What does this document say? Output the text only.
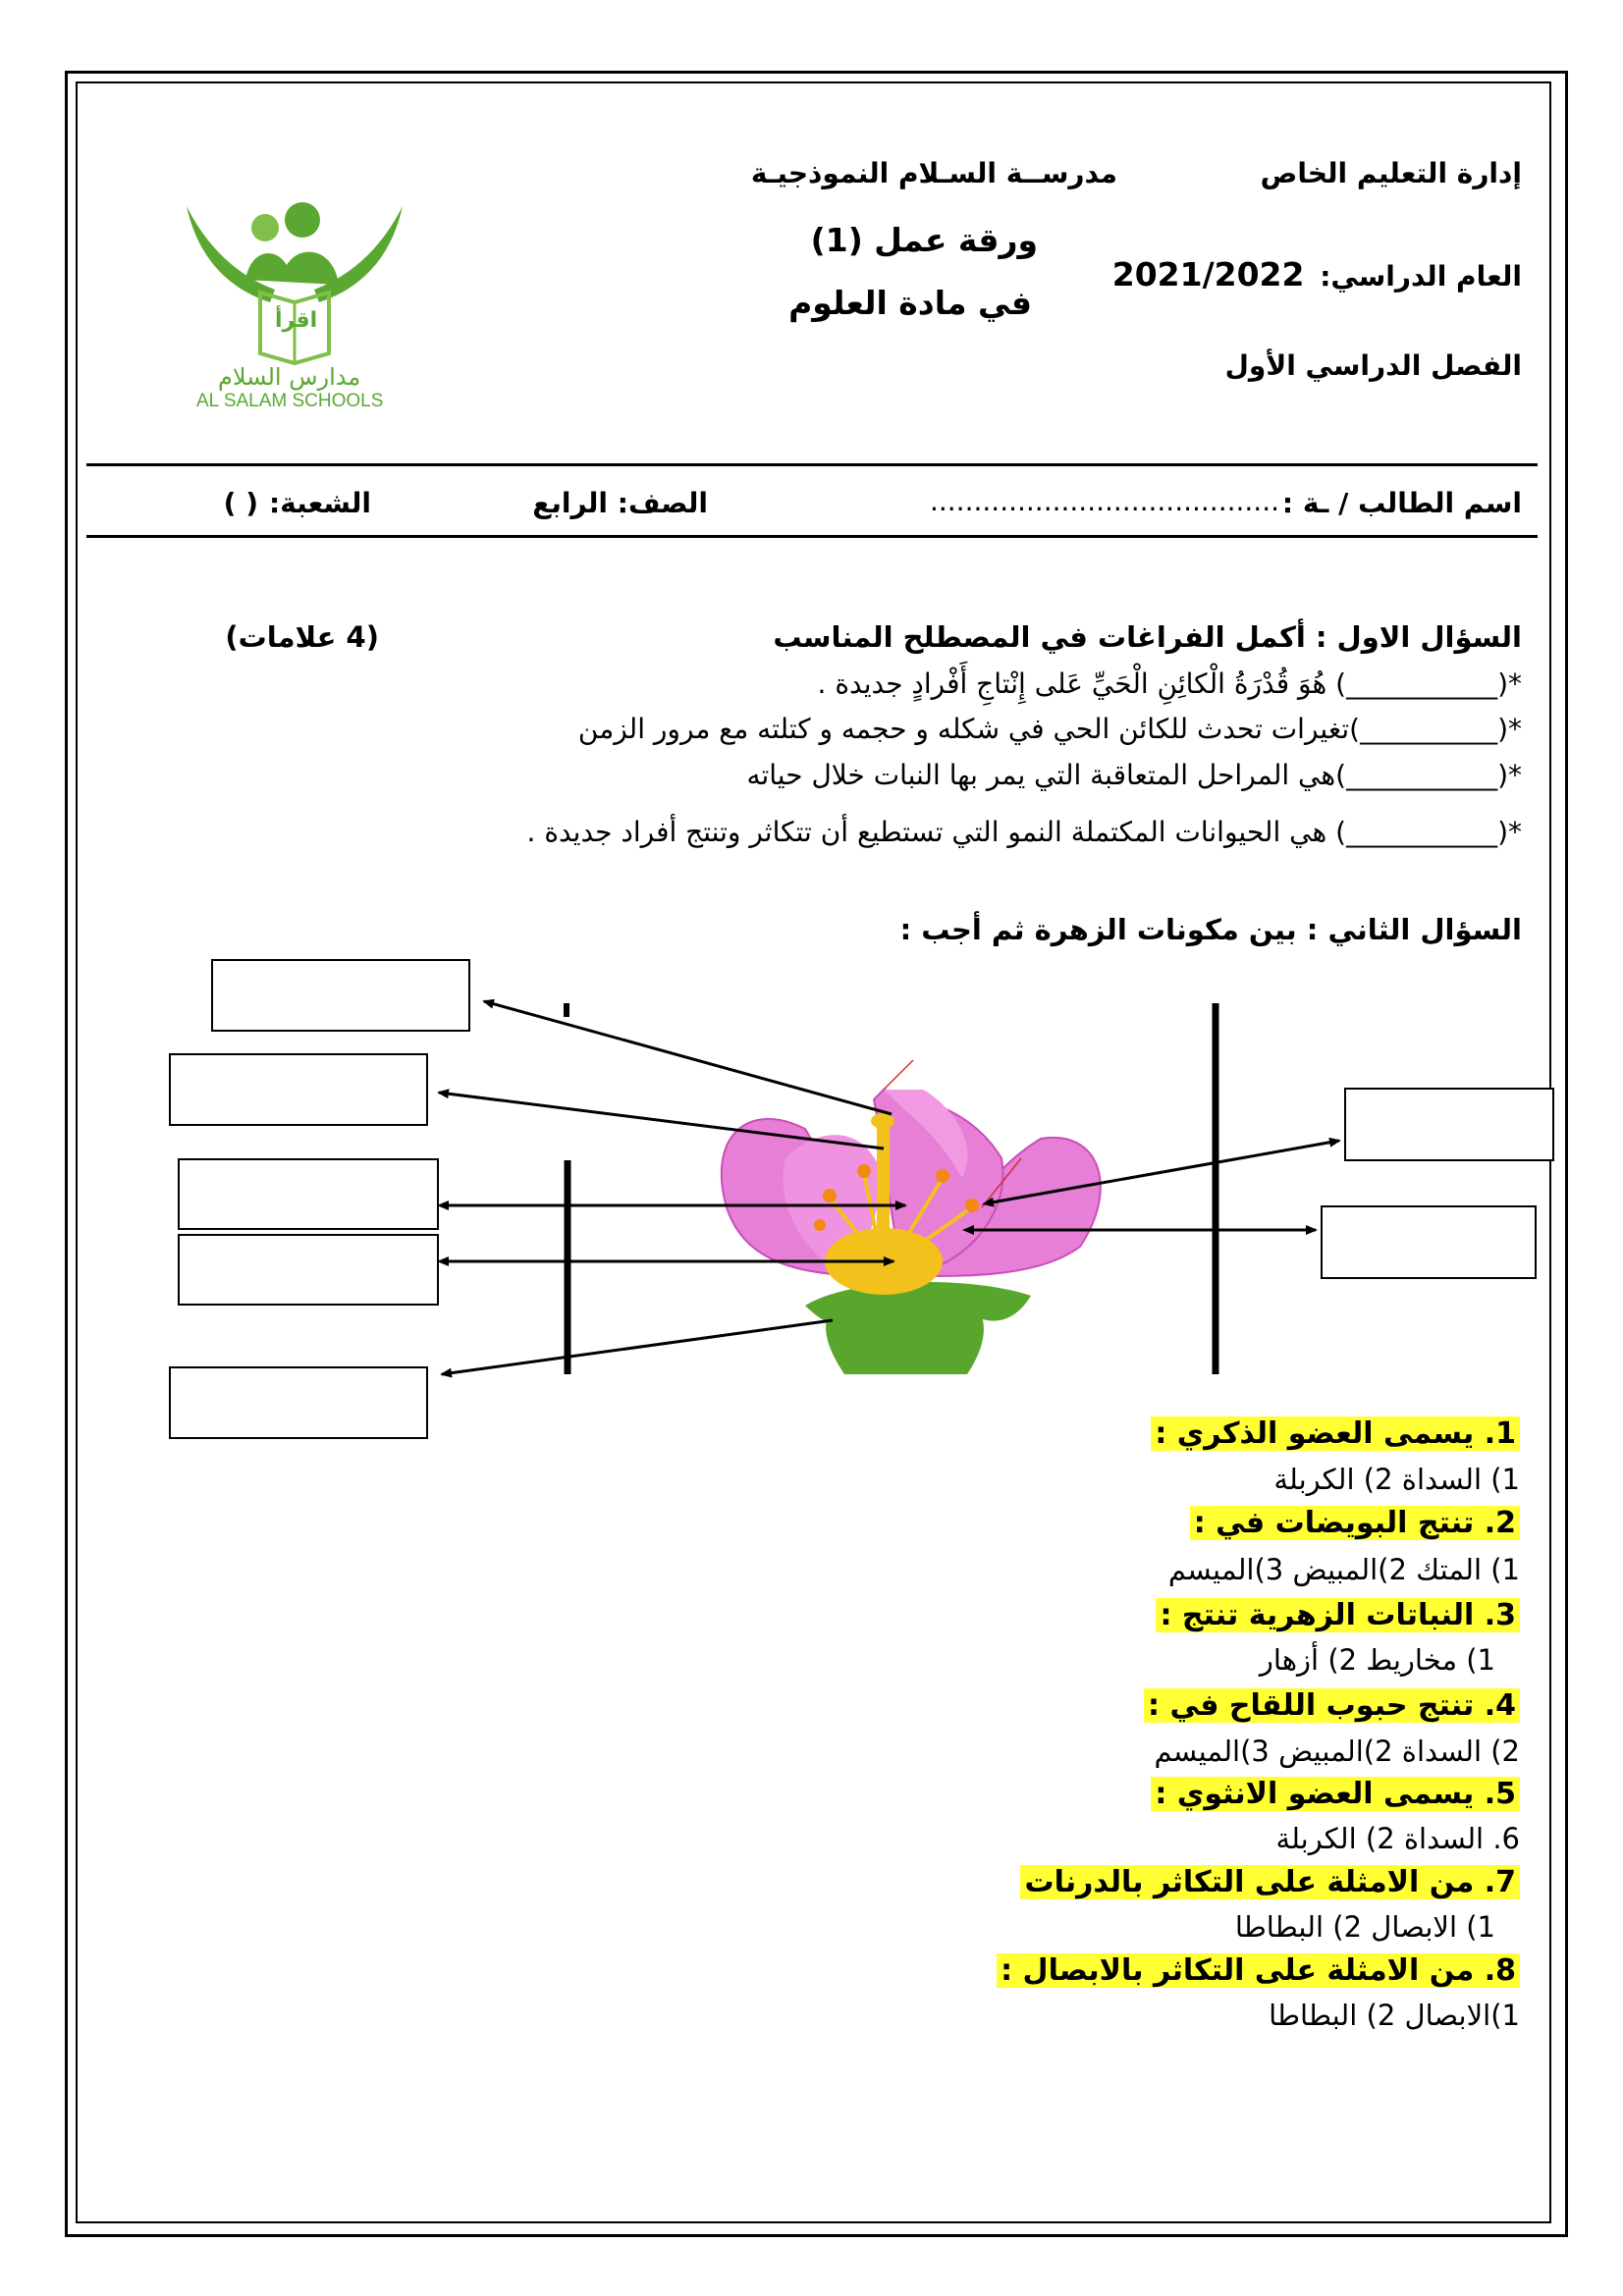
إدارة التعليم الخاص
مدرســة السـلام النموذجيـة
ورقة عمل (1)
في مادة العلوم
العام الدراسي: 2021/2022
الفصل الدراسي الأول
اقرأ
مدارس السلام
AL SALAM SCHOOLS
اسم الطالب / ـة :
........................................
الصف: الرابع
الشعبة:
( )
السؤال الاول : أكمل الفراغات في المصطلح المناسب
(4 علامات)
*(___________) هُوَ قُدْرَةُ الْكائِنِ الْحَيِّ عَلى إِنْتاجِ أَفْرادٍ جديدة .
*(__________)تغيرات تحدث للكائن الحي في شكله و حجمه و كتلته مع مرور الزمن
*(___________)هي المراحل المتعاقبة التي يمر بها النبات خلال حياته
*(___________) هي الحيوانات المكتملة النمو التي تستطيع أن تتكاثر وتنتج أفراد جديدة .
السؤال الثاني : بين مكونات الزهرة ثم أجب :
1. يسمى العضو الذكري :
1) السداة 2) الكربلة
2. تنتج البويضات في :
1) المتك 2)المبيض 3)الميسم
3. النباتات الزهرية تنتج :
1) مخاريط 2) أزهار
4. تنتج حبوب اللقاح في :
2) السداة 2)المبيض 3)الميسم
5. يسمى العضو الانثوي :
6. السداة 2) الكربلة
7. من الامثلة على التكاثر بالدرنات
1) الابصال 2) البطاطا
8. من الامثلة على التكاثر بالابصال :
1)الابصال 2) البطاطا
